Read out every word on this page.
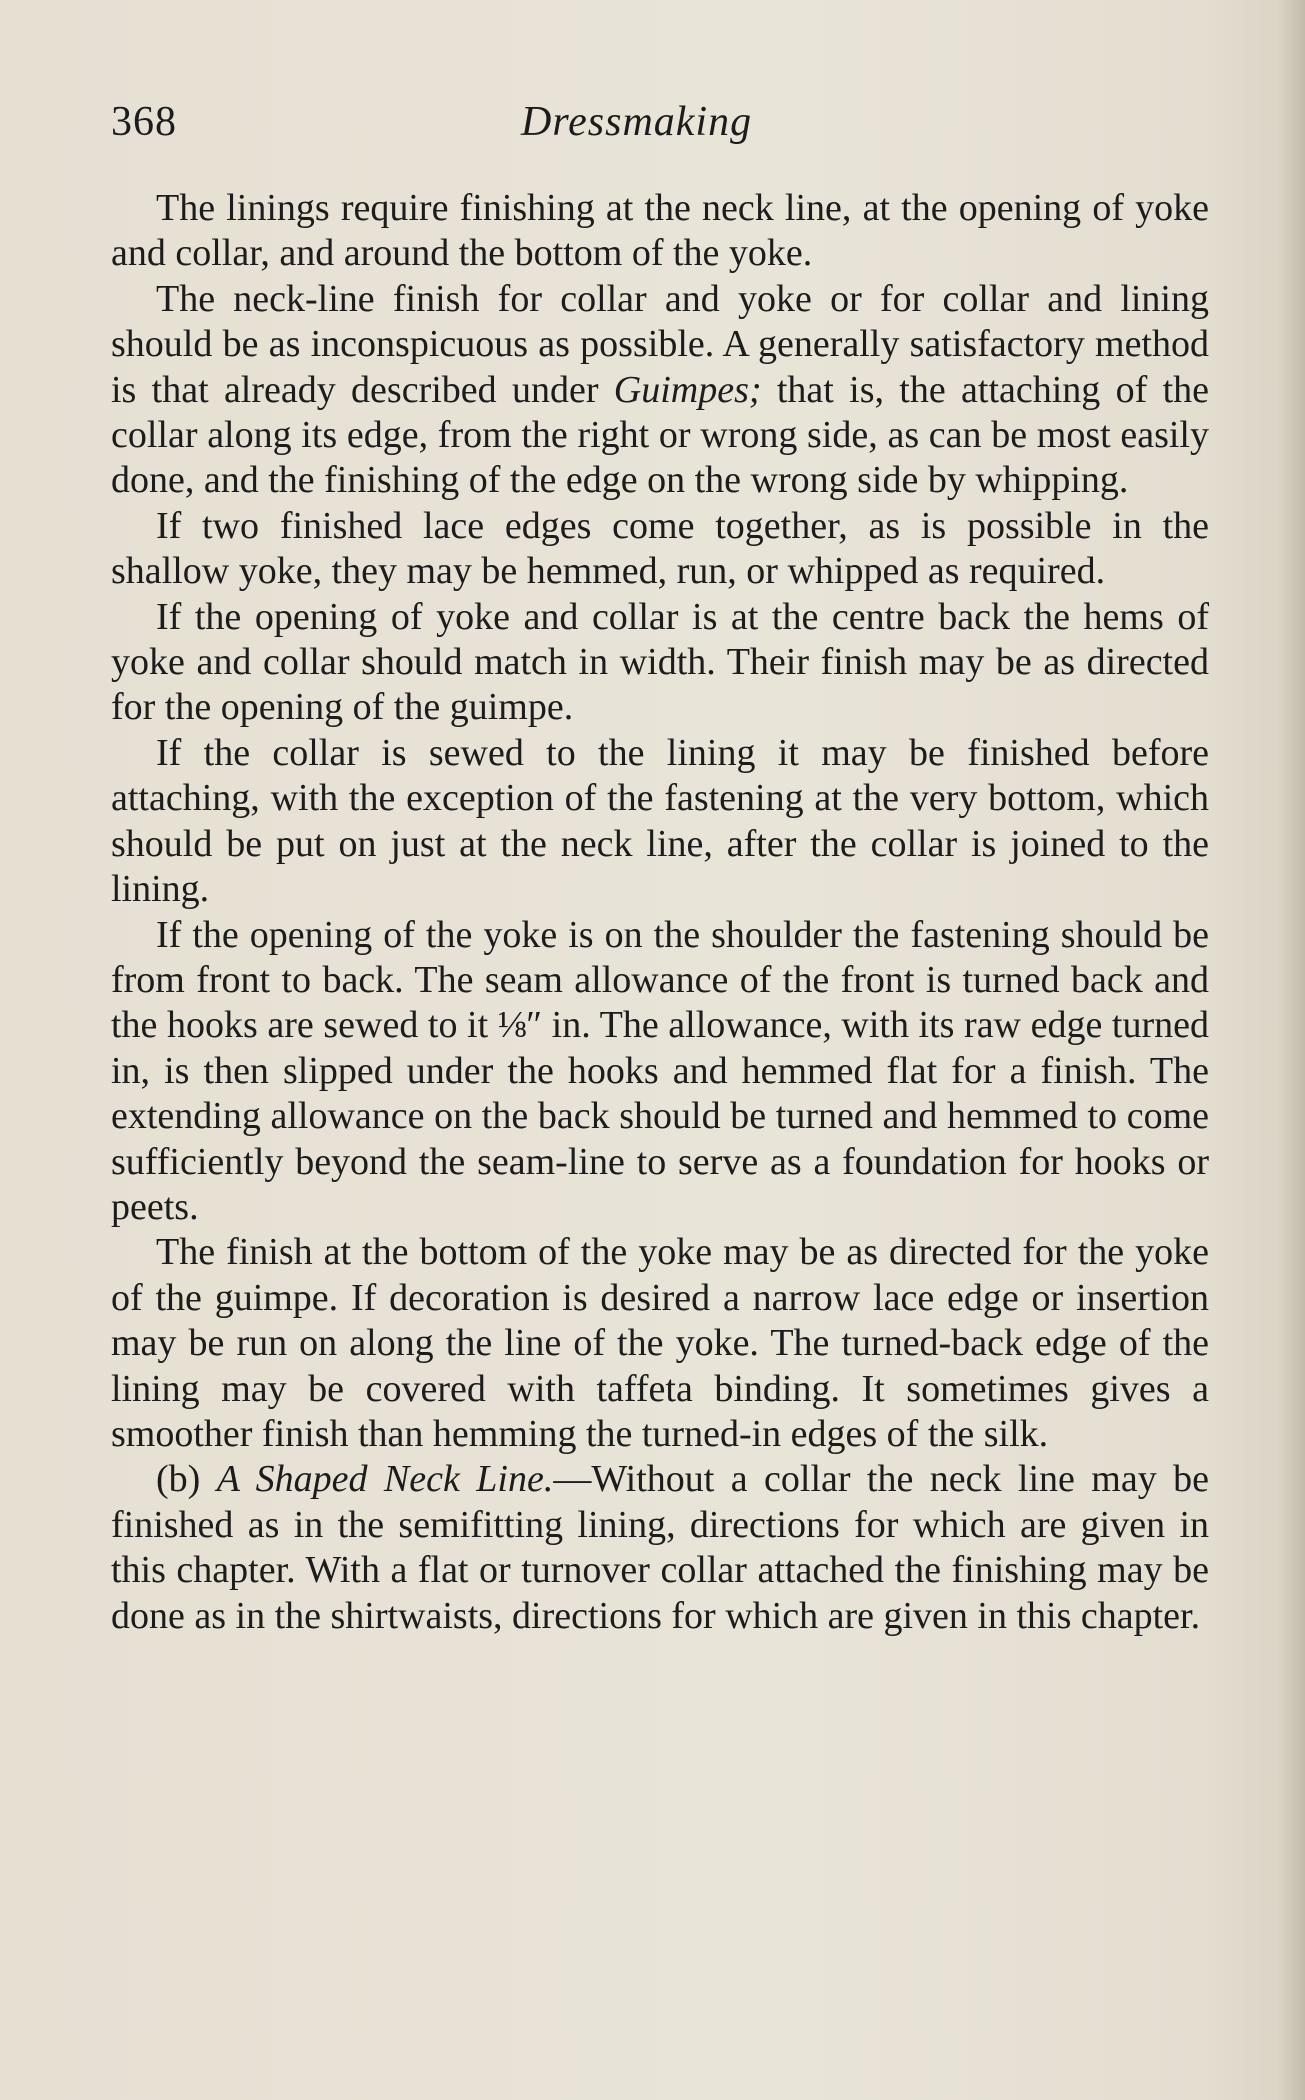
368	Dressmaking

The linings require finishing at the neck line, at the opening of yoke and collar, and around the bottom of the yoke.

The neck-line finish for collar and yoke or for collar and lining should be as inconspicuous as possible. A generally satisfactory method is that already described under Guimpes; that is, the attaching of the collar along its edge, from the right or wrong side, as can be most easily done, and the finishing of the edge on the wrong side by whipping.

If two finished lace edges come together, as is possible in the shallow yoke, they may be hemmed, run, or whipped as required.

If the opening of yoke and collar is at the centre back the hems of yoke and collar should match in width. Their finish may be as directed for the opening of the guimpe.

If the collar is sewed to the lining it may be finished before attaching, with the exception of the fastening at the very bottom, which should be put on just at the neck line, after the collar is joined to the lining.

If the opening of the yoke is on the shoulder the fastening should be from front to back. The seam allowance of the front is turned back and the hooks are sewed to it ⅛″ in. The allowance, with its raw edge turned in, is then slipped under the hooks and hemmed flat for a finish. The extending allowance on the back should be turned and hemmed to come sufficiently beyond the seam-line to serve as a foundation for hooks or peets.

The finish at the bottom of the yoke may be as directed for the yoke of the guimpe. If decoration is desired a narrow lace edge or insertion may be run on along the line of the yoke. The turned-back edge of the lining may be covered with taffeta binding. It sometimes gives a smoother finish than hemming the turned-in edges of the silk.

(b) A Shaped Neck Line.—Without a collar the neck line may be finished as in the semifitting lining, directions for which are given in this chapter. With a flat or turnover collar attached the finishing may be done as in the shirtwaists, directions for which are given in this chapter.
